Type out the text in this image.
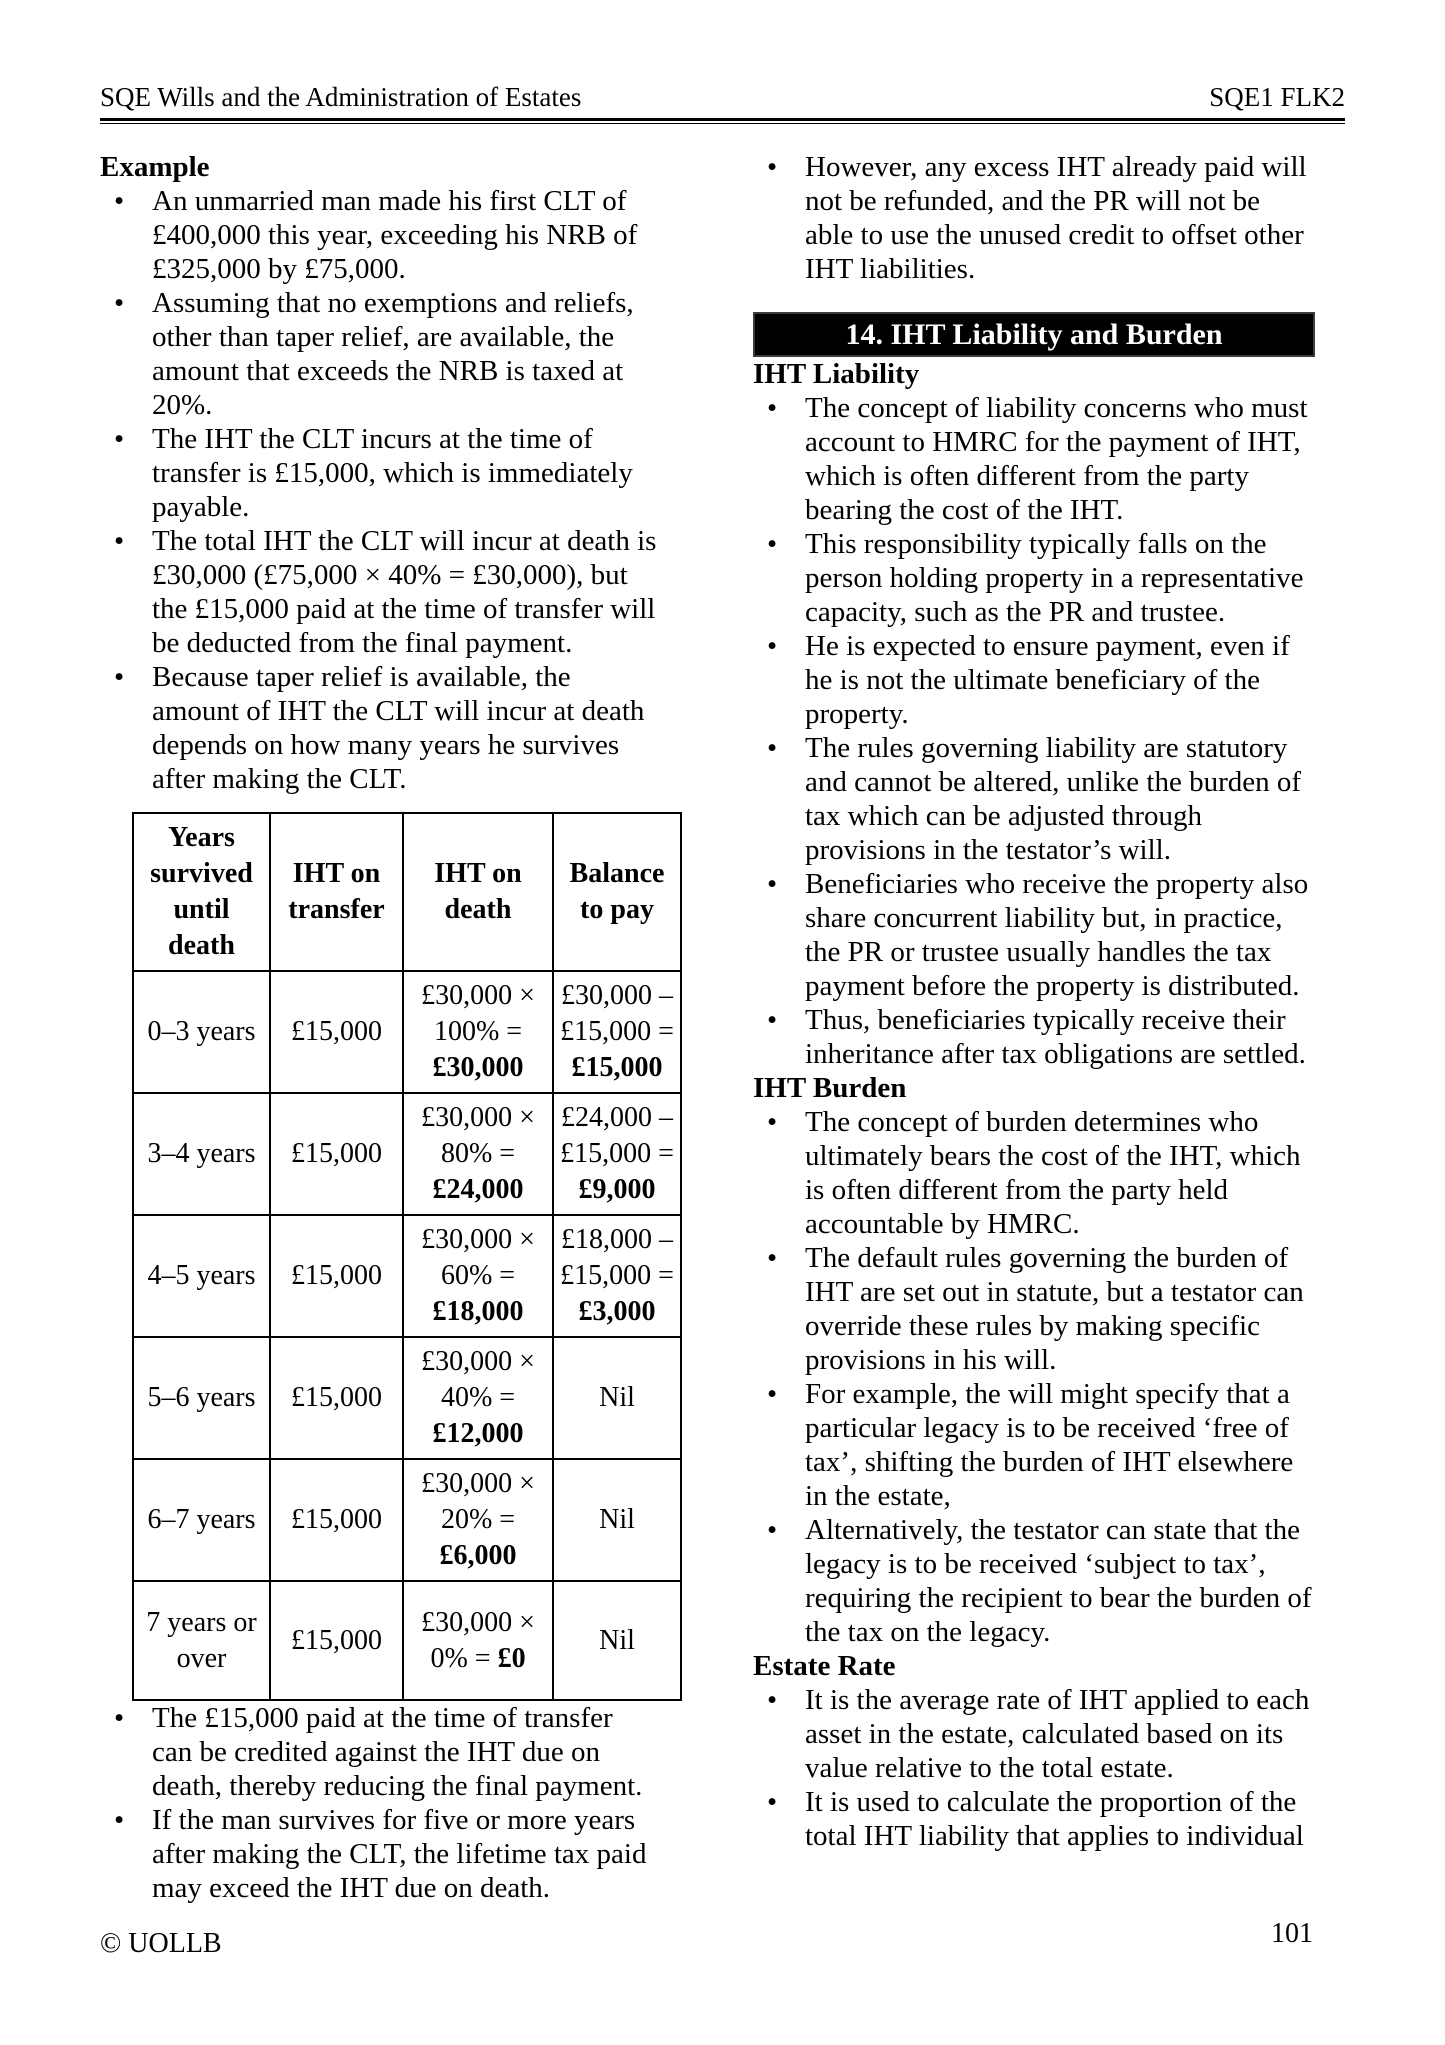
SQE Wills and the Administration of Estates	SQE1 FLK2
Example
• An unmarried man made his first CLT of £400,000 this year, exceeding his NRB of £325,000 by £75,000.
• Assuming that no exemptions and reliefs, other than taper relief, are available, the amount that exceeds the NRB is taxed at 20%.
• The IHT the CLT incurs at the time of transfer is £15,000, which is immediately payable.
• The total IHT the CLT will incur at death is £30,000 (£75,000 × 40% = £30,000), but the £15,000 paid at the time of transfer will be deducted from the final payment.
• Because taper relief is available, the amount of IHT the CLT will incur at death depends on how many years he survives after making the CLT.
Years survived until death	IHT on transfer	IHT on death	Balance to pay
0–3 years	£15,000	£30,000 ×
100% =
£30,000	£30,000 –
£15,000 =
£15,000

3–4 years	£15,000	£30,000 ×
80% =
£24,000	£24,000 –
£15,000 =
£9,000

4–5 years	£15,000	£30,000 ×
60% =
£18,000	£18,000 –
£15,000 =
£3,000

5–6 years	£15,000	£30,000 ×
40% =
£12,000	Nil

6–7 years	£15,000	£30,000 ×
20% =
£6,000	Nil

7 years or over	£15,000	£30,000 ×
0% = £0	Nil
• The £15,000 paid at the time of transfer can be credited against the IHT due on death, thereby reducing the final payment.
• If the man survives for five or more years after making the CLT, the lifetime tax paid may exceed the IHT due on death.
• However, any excess IHT already paid will not be refunded, and the PR will not be able to use the unused credit to offset other IHT liabilities.
14. IHT Liability and Burden
IHT Liability
• The concept of liability concerns who must account to HMRC for the payment of IHT, which is often different from the party bearing the cost of the IHT.
• This responsibility typically falls on the person holding property in a representative capacity, such as the PR and trustee.
• He is expected to ensure payment, even if he is not the ultimate beneficiary of the property.
• The rules governing liability are statutory and cannot be altered, unlike the burden of tax which can be adjusted through provisions in the testator’s will.
• Beneficiaries who receive the property also share concurrent liability but, in practice, the PR or trustee usually handles the tax payment before the property is distributed.
• Thus, beneficiaries typically receive their inheritance after tax obligations are settled.
IHT Burden
• The concept of burden determines who ultimately bears the cost of the IHT, which is often different from the party held accountable by HMRC.
• The default rules governing the burden of IHT are set out in statute, but a testator can override these rules by making specific provisions in his will.
• For example, the will might specify that a particular legacy is to be received ‘free of tax’, shifting the burden of IHT elsewhere in the estate,
• Alternatively, the testator can state that the legacy is to be received ‘subject to tax’, requiring the recipient to bear the burden of the tax on the legacy.
Estate Rate
• It is the average rate of IHT applied to each asset in the estate, calculated based on its value relative to the total estate.
• It is used to calculate the proportion of the total IHT liability that applies to individual
© UOLLB	101
